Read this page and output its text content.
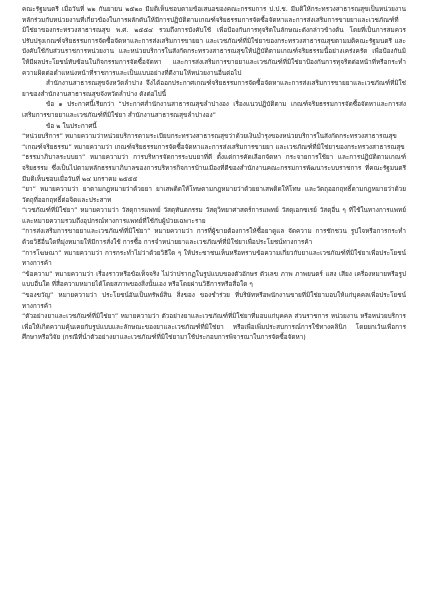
คณะรัฐมนตรี เมื่อวันที่ ๒๒ กันยายน ๒๕๒๐ มีมติเห็นชอบตามข้อเสนอของคณะกรรมการ ป.ป.ช. มีมติให้กระทรวงสาธารณสุขเป็นหน่วยงานหลักร่วมกับหน่วยงานที่เกี่ยวข้องในการผลักดันให้มีการปฏิบัติตามเกณฑ์จริยธรรมการจัดซื้อจัดหาและการส่งเสริมการขายยาและเวชภัณฑ์ที่มิใช่ยาของกระทรวงสาธารณสุข พ.ศ. ๒๕๕๔ รวมถึงการบังคับใช้ เพื่อป้องกันการทุจริตในลักษณะดังกล่าวข้างต้น โดยที่เป็นการสมควรปรับปรุงเกณฑ์จริยธรรมการจัดซื้อจัดหาและการส่งเสริมการขายยา และเวชภัณฑ์ที่มิใช่ยาของกระทรวงสาธารณสุขตามมติคณะรัฐมนตรี และบังคับใช้กับส่วนราชการหน่วยงาน และหน่วยบริการในสังกัดกระทรวงสาธารณสุขให้ปฏิบัติตามเกณฑ์จริยธรรมนี้อย่างเคร่งครัด เพื่อป้องกันมิให้มีผลประโยชน์ทับซ้อนในกิจกรรมการจัดซื้อจัดหา และการส่งเสริมการขายยาและเวชภัณฑ์ที่มิใช่ยาป้องกันการทุจริตต่อหน้าที่หรือกระทำความผิดต่อตำแหน่งหน้าที่ราชการและเป็นแบบอย่างที่ดีงามให้หน่วยงานอื่นต่อไป

สำนักงานสาธารณสุขจังหวัดลำปาง จึงได้ออกประกาศเกณฑ์จริยธรรมการจัดซื้อจัดหาและการส่งเสริมการขายยาและเวชภัณฑ์ที่มิใช่ยาของสำนักงานสาธารณสุขจังหวัดลำปาง ดังต่อไปนี้

ข้อ ๑ ประกาศนี้เรียกว่า “ประกาศสำนักงานสาธารณสุขลำปางอง เรื่องแนวปฏิบัติตาม เกณฑ์จริยธรรมการจัดซื้อจัดหาและการส่งเสริมการขายยาและเวชภัณฑ์ที่มิใช่ยา สำนักงานสาธารณสุขลำปางอง”

ข้อ ๒ ในประกาศนี้

“หน่วยบริการ” หมายความว่าหน่วยบริการตามระเบียบกระทรวงสาธารณสุขว่าด้วยเงินบำรุงของหน่วยบริการในสังกัดกระทรวงสาธารณสุข

“เกณฑ์จริยธรรม” หมายความว่า เกณฑ์จริยธรรมการจัดซื้อจัดหาและการส่งเสริมการขายยา และเวชภัณฑ์ที่มิใช่ยาของกระทรวงสาธารณสุข

“ธรรมาภิบาลระบบยา” หมายความว่า การบริหารจัดการระบบยาที่ดี ตั้งแต่การคัดเลือกจัดหา กระจายการใช้ยา และการปฏิบัติตามเกณฑ์จริยธรรม ซึ่งเป็นไปตามหลักธรรมาภิบาลของการบริหารกิจการบ้านเมืองที่ดีของสำนักงานคณะกรรมการพัฒนาระบบราชการ ที่คณะรัฐมนตรีมีมติเห็นชอบเมื่อวันที่ ๒๔ มกราคม ๒๕๕๕

“ยา” หมายความว่า ยาตามกฎหมายว่าด้วยยา ยาเสพติดให้โทษตามกฎหมายว่าด้วยยาเสพติดให้โทษ และวัตถุออกฤทธิ์ตามกฎหมายว่าด้วยวัตถุที่ออกฤทธิ์ต่อจิตและประสาท

“เวชภัณฑ์ที่มิใช่ยา” หมายความว่า วัสดุการแพทย์ วัสดุทันตกรรม วัสดุวิทยาศาสตร์การแพทย์ วัสดุเอกซเรย์ วัสดุอื่น ๆ ที่ใช้ในทางการแพทย์ และหมายความรวมถึงอุปกรณ์ทางการแพทย์ที่ใช้กับผู้ป่วยเฉพาะราย

“การส่งเสริมการขายยาและเวชภัณฑ์ที่มิใช่ยา” หมายความว่า การที่ผู้ขายต้องการให้ซื้อยาดูแล จัดความ การชักชวน รูปใจหรือการกระทำด้วยวิธีอื่นใดที่มุ่งหมายให้มีการสั่งใช้ การซื้อ การจำหน่ายยาและเวชภัณฑ์ที่มิใช่ยาเพื่อประโยชน์ทางการค้า

“การโฆษณา” หมายความว่า การกระทำไม่ว่าด้วยวิธีใด ๆ ให้ประชาชนเห็นหรือทราบข้อความเกี่ยวกับยาและเวชภัณฑ์ที่มิใช่ยาเพื่อประโยชน์ทางการค้า

“ข้อความ” หมายความว่า เรื่องราวหรือข้อเท็จจริง ไม่ว่าปรากฏในรูปแบบของตัวอักษร ตัวเลข ภาพ ภาพยนตร์ แสง เสียง เครื่องหมายหรือรูปแบบอื่นใด ที่สื่อความหมายได้โดยสภาพของสิ่งนั้นเอง หรือโดยผ่านวิธีการหรือสื่อใด ๆ

“ของขวัญ” หมายความว่า ประโยชน์อันเป็นทรัพย์สิน สิ่งของ ของชำร่วย ที่บริษัทหรือพนักงานขายที่มิใช่ยามอบให้แก่บุคคลเพื่อประโยชน์ทางการค้า

“ตัวอย่างยาและเวชภัณฑ์ที่มิใช่ยา” หมายความว่า ตัวอย่างยาและเวชภัณฑ์ที่มิใช่ยาที่มอบแก่บุคคล ส่วนราชการ หน่วยงาน หรือหน่วยบริการ เพื่อให้เกิดความคุ้นเคยกับรูปแบบและลักษณะของยาและเวชภัณฑ์ที่มิใช่ยา หรือเพื่อเพิ่มประสบการณ์การใช้ทางคลินิก โดยยกเว้นเพื่อการศึกษาหรือวิจัย (กรณีที่นำตัวอย่างยาและเวชภัณฑ์ที่มิใช่ยามาใช้ประกอบการพิจารณาในการจัดซื้อจัดหา)
